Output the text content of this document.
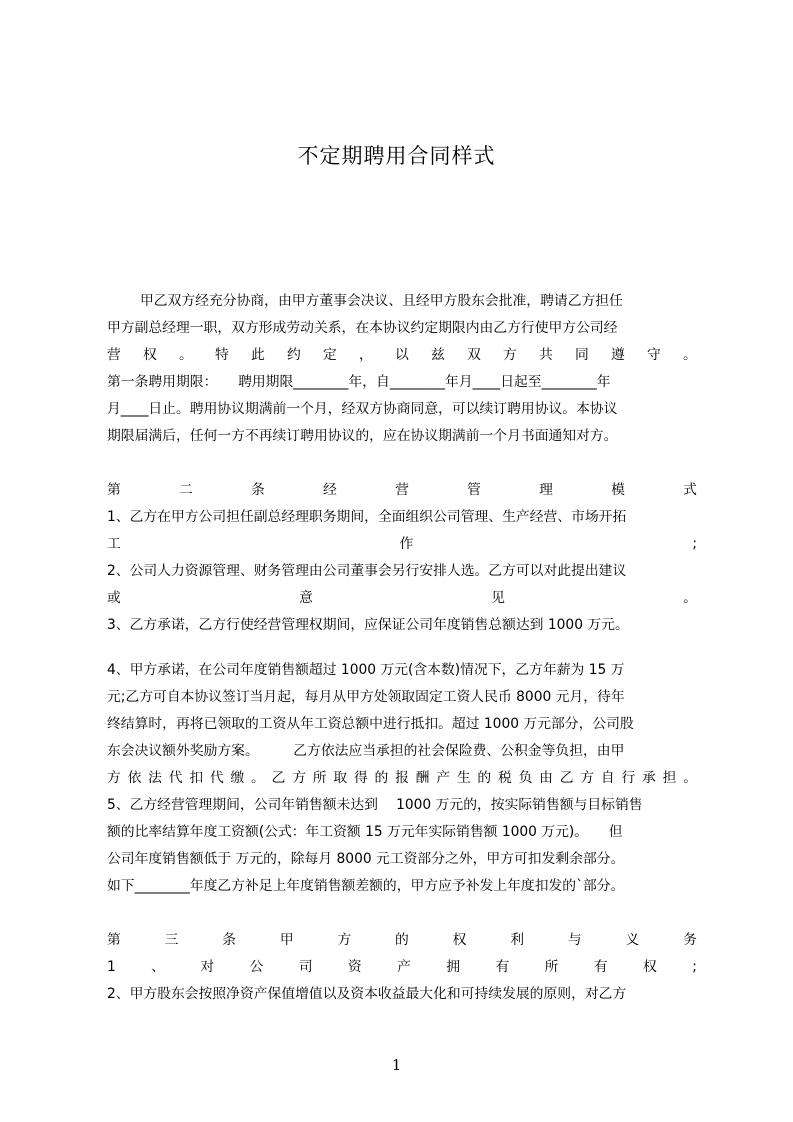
不定期聘用合同样式
甲乙双方经充分协商，由甲方董事会决议、且经甲方股东会批准，聘请乙方担任
甲方副总经理一职，双方形成劳动关系，在本协议约定期限内由乙方行使甲方公司经
营 权 。 特 此 约 定 ， 以 兹 双 方 共 同 遵 守 。
第一条聘用期限：　　聘用期限________年，自________年月____日起至________年
月____日止。聘用协议期满前一个月，经双方协商同意，可以续订聘用协议。本协议
期限届满后，任何一方不再续订聘用协议的，应在协议期满前一个月书面通知对方。
第	二	条	经	营	管	理	模	式
1、乙方在甲方公司担任副总经理职务期间，全面组织公司管理、生产经营、市场开拓
工	作	;
2、公司人力资源管理、财务管理由公司董事会另行安排人选。乙方可以对此提出建议
或	意	见	。
3、乙方承诺，乙方行使经营管理权期间，应保证公司年度销售总额达到 1000 万元。
4、甲方承诺，在公司年度销售额超过 1000 万元(含本数)情况下，乙方年薪为 15 万
元;乙方可自本协议签订当月起，每月从甲方处领取固定工资人民币 8000 元月，待年
终结算时，再将已领取的工资从年工资总额中进行抵扣。超过 1000 万元部分，公司股
东会决议额外奖励方案。　　　乙方依法应当承担的社会保险费、公积金等负担，由甲
方 依 法 代 扣 代 缴 。 乙 方 所 取 得 的 报 酬 产 生 的 税 负 由 乙 方 自 行 承 担 。
5、乙方经营管理期间，公司年销售额未达到　 1000 万元的，按实际销售额与目标销售
额的比率结算年度工资额(公式：年工资额 15 万元年实际销售额 1000 万元)。　　但
公司年度销售额低于 万元的，除每月 8000 元工资部分之外，甲方可扣发剩余部分。
如下________年度乙方补足上年度销售额差额的，甲方应予补发上年度扣发的`部分。
第	三	条	甲	方	的	权	利	与	义	务
1	、	对	公	司	资	产	拥	有	所	有	权	;
2、甲方股东会按照净资产保值增值以及资本收益最大化和可持续发展的原则，对乙方
1
